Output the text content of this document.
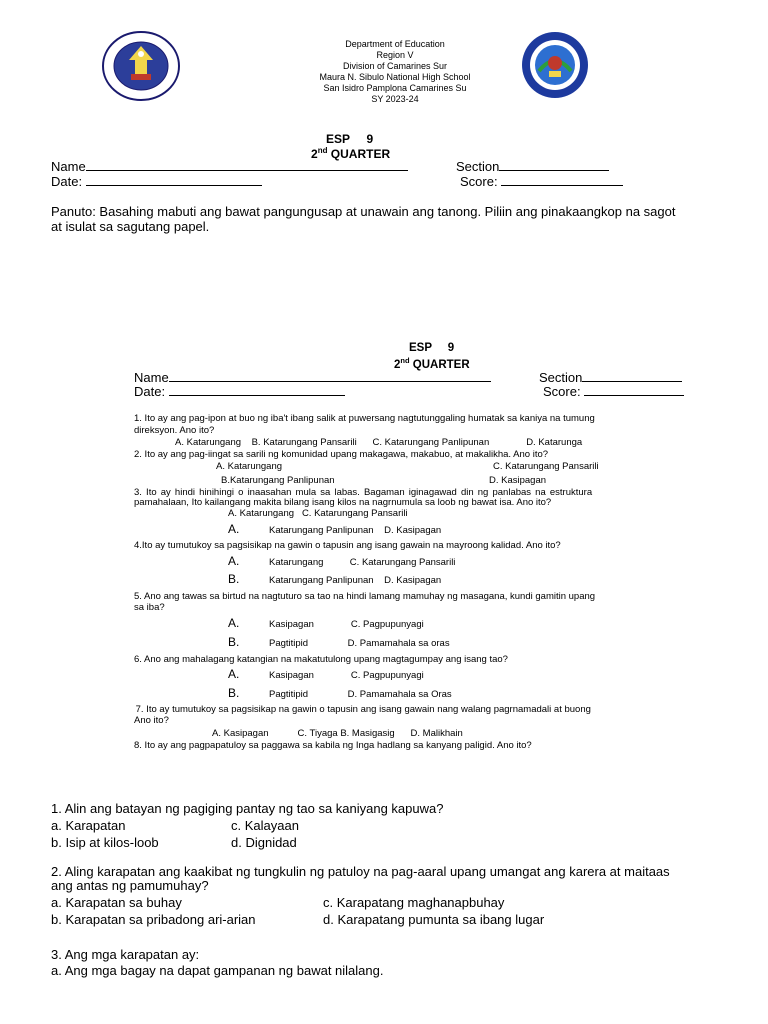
Department of Education
Region V
Division of Camarines Sur
Maura N. Sibulo National High School
San Isidro Pamplona Camarines Su
SY 2023-24
ESP     9
2nd QUARTER
Name	Section
Date:	Score:
Panuto: Basahing mabuti ang bawat pangungusap at unawain ang tanong. Piliin ang pinakaangkop na sagot
at isulat sa sagutang papel.
ESP     9
2nd QUARTER
Name	Section
Date:	Score:
1. Ito ay ang pag-ipon at buo ng iba't ibang salik at puwersang nagtutunggaling humatak sa kaniya na tumung
direksyon. Ano ito?
A. Katarungang    B. Katarungang Pansarili      C. Katarungang Panlipunan              D. Katarunga
2. Ito ay ang pag-iingat sa sarili ng komunidad upang makagawa, makabuo, at makalikha. Ano ito?
A. Katarungang	C. Katarungang Pansarili
B.Katarungang Panlipunan	D. Kasipagan
3. Ito ay hindi hinihingi o inaasahan mula sa labas. Bagaman iginagawad din ng panlabas na estruktura
pamahalaan, Ito kailangang makita bilang isang kilos na nagrnumula sa loob ng bawat isa. Ano ito?
A. Katarungang   C. Katarungang Pansarili
A.	Katarungang Panlipunan    D. Kasipagan
4.Ito ay tumutukoy sa pagsisikap na gawin o tapusin ang isang gawain na mayroong kalidad. Ano ito?
A.	Katarungang          C. Katarungang Pansarili
B.	Katarungang Panlipunan    D. Kasipagan
5. Ano ang tawas sa birtud na nagtuturo sa tao na hindi lamang mamuhay ng masagana, kundi gamitin upang
sa iba?
A.	Kasipagan              C. Pagpupunyagi
B.	Pagtitipid               D. Pamamahala sa oras
6. Ano ang mahalagang katangian na makatutulong upang magtagumpay ang isang tao?
A.	Kasipagan              C. Pagpupunyagi
B.	Pagtitipid               D. Pamamahala sa Oras
7. Ito ay tumutukoy sa pagsisikap na gawin o tapusin ang isang gawain nang walang pagrnamadali at buong
Ano ito?
A. Kasipagan           C. Tiyaga B. Masigasig      D. Malikhain
8. Ito ay ang pagpapatuloy sa paggawa sa kabila ng Inga hadlang sa kanyang paligid. Ano ito?
1. Alin ang batayan ng pagiging pantay ng tao sa kaniyang kapuwa?
a. Karapatan	c. Kalayaan
b. Isip at kilos-loob	d. Dignidad
2. Aling karapatan ang kaakibat ng tungkulin ng patuloy na pag-aaral upang umangat ang karera at maitaas
ang antas ng pamumuhay?
a. Karapatan sa buhay	c. Karapatang maghanapbuhay
b. Karapatan sa pribadong ari-arian	d. Karapatang pumunta sa ibang lugar
3. Ang mga karapatan ay:
a. Ang mga bagay na dapat gampanan ng bawat nilalang.
